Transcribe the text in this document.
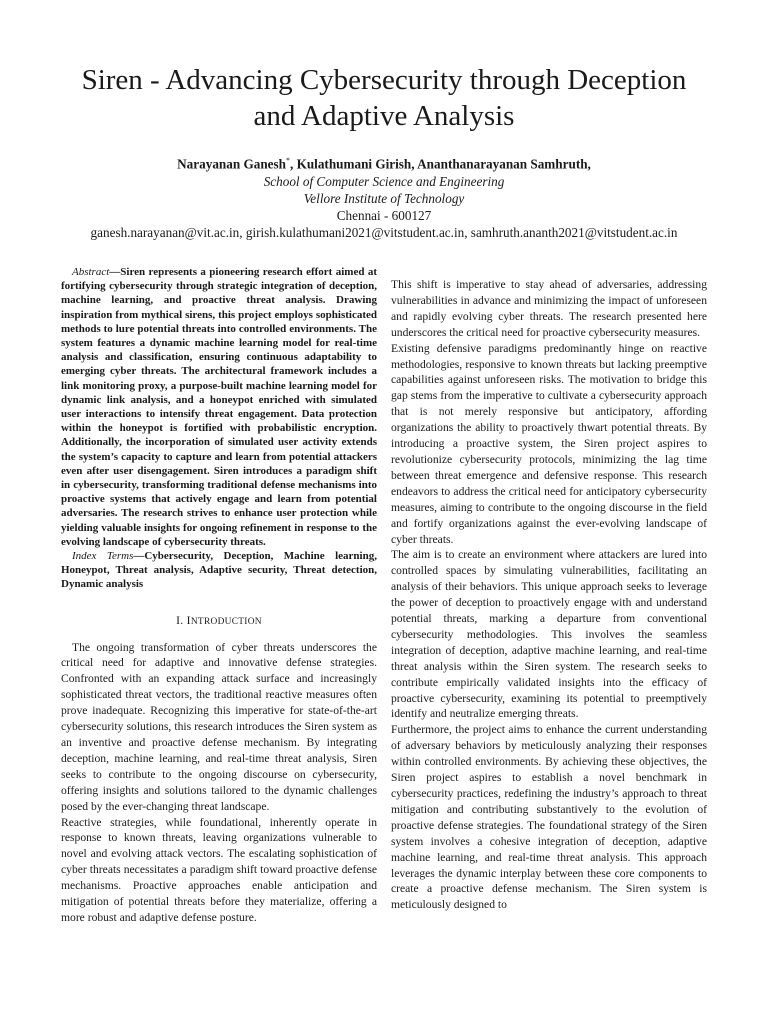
Siren - Advancing Cybersecurity through Deception
and Adaptive Analysis
Narayanan Ganesh*, Kulathumani Girish, Ananthanarayanan Samhruth,
School of Computer Science and Engineering
Vellore Institute of Technology
Chennai - 600127
ganesh.narayanan@vit.ac.in, girish.kulathumani2021@vitstudent.ac.in, samhruth.ananth2021@vitstudent.ac.in

Abstract—Siren represents a pioneering research effort aimed at fortifying cybersecurity through strategic integration of deception, machine learning, and proactive threat analysis. Drawing inspiration from mythical sirens, this project employs sophisticated methods to lure potential threats into controlled environments. The system features a dynamic machine learning model for real-time analysis and classification, ensuring continuous adaptability to emerging cyber threats. The architectural framework includes a link monitoring proxy, a purpose-built machine learning model for dynamic link analysis, and a honeypot enriched with simulated user interactions to intensify threat engagement. Data protection within the honeypot is fortified with probabilistic encryption. Additionally, the incorporation of simulated user activity extends the system’s capacity to capture and learn from potential attackers even after user disengagement. Siren introduces a paradigm shift in cybersecurity, transforming traditional defense mechanisms into proactive systems that actively engage and learn from potential adversaries. The research strives to enhance user protection while yielding valuable insights for ongoing refinement in response to the evolving landscape of cybersecurity threats.

Index Terms—Cybersecurity, Deception, Machine learning, Honeypot, Threat analysis, Adaptive security, Threat detection, Dynamic analysis

I. INTRODUCTION

The ongoing transformation of cyber threats underscores the critical need for adaptive and innovative defense strategies. Confronted with an expanding attack surface and increasingly sophisticated threat vectors, the traditional reactive measures often prove inadequate. Recognizing this imperative for state-of-the-art cybersecurity solutions, this research introduces the Siren system as an inventive and proactive defense mechanism. By integrating deception, machine learning, and real-time threat analysis, Siren seeks to contribute to the ongoing discourse on cybersecurity, offering insights and solutions tailored to the dynamic challenges posed by the ever-changing threat landscape.

Reactive strategies, while foundational, inherently operate in response to known threats, leaving organizations vulnerable to novel and evolving attack vectors. The escalating sophistication of cyber threats necessitates a paradigm shift toward proactive defense mechanisms. Proactive approaches enable anticipation and mitigation of potential threats before they materialize, offering a more robust and adaptive defense posture.

This shift is imperative to stay ahead of adversaries, addressing vulnerabilities in advance and minimizing the impact of unforeseen and rapidly evolving cyber threats. The research presented here underscores the critical need for proactive cybersecurity measures.

Existing defensive paradigms predominantly hinge on reactive methodologies, responsive to known threats but lacking preemptive capabilities against unforeseen risks. The motivation to bridge this gap stems from the imperative to cultivate a cybersecurity approach that is not merely responsive but anticipatory, affording organizations the ability to proactively thwart potential threats. By introducing a proactive system, the Siren project aspires to revolutionize cybersecurity protocols, minimizing the lag time between threat emergence and defensive response. This research endeavors to address the critical need for anticipatory cybersecurity measures, aiming to contribute to the ongoing discourse in the field and fortify organizations against the ever-evolving landscape of cyber threats.

The aim is to create an environment where attackers are lured into controlled spaces by simulating vulnerabilities, facilitating an analysis of their behaviors. This unique approach seeks to leverage the power of deception to proactively engage with and understand potential threats, marking a departure from conventional cybersecurity methodologies. This involves the seamless integration of deception, adaptive machine learning, and real-time threat analysis within the Siren system. The research seeks to contribute empirically validated insights into the efficacy of proactive cybersecurity, examining its potential to preemptively identify and neutralize emerging threats.

Furthermore, the project aims to enhance the current understanding of adversary behaviors by meticulously analyzing their responses within controlled environments. By achieving these objectives, the Siren project aspires to establish a novel benchmark in cybersecurity practices, redefining the industry’s approach to threat mitigation and contributing substantively to the evolution of proactive defense strategies. The foundational strategy of the Siren system involves a cohesive integration of deception, adaptive machine learning, and real-time threat analysis. This approach leverages the dynamic interplay between these core components to create a proactive defense mechanism. The Siren system is meticulously designed to
